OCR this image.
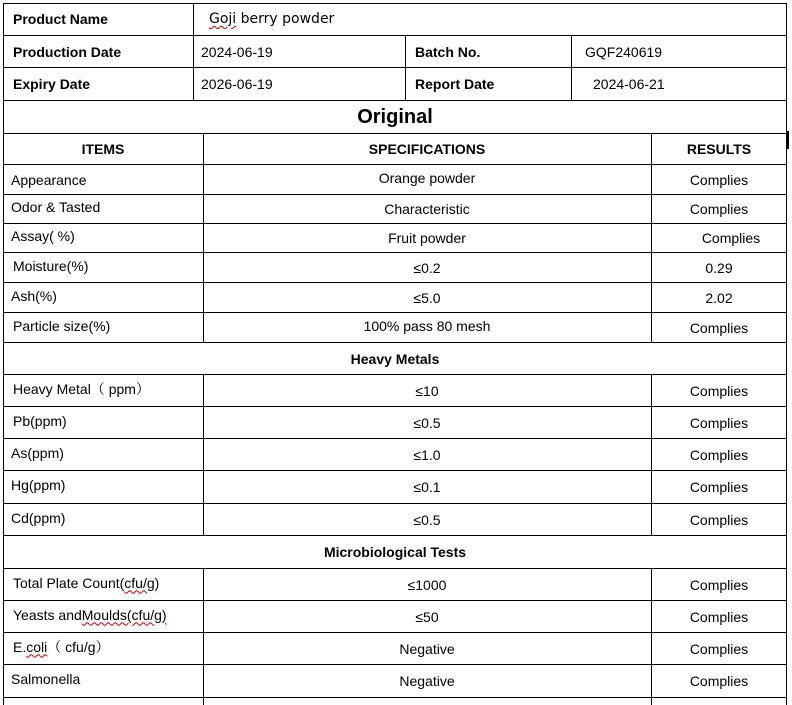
Product Name	Goji berry powder
Production Date	2024-06-19	Batch No.	GQF240619
Expiry Date	2026-06-19	Report Date	2024-06-21
Original
ITEMS	SPECIFICATIONS	RESULTS
Appearance	Orange powder	Complies
Odor & Tasted	Characteristic	Complies
Assay( %)	Fruit powder	Complies
Moisture(%)	≤0.2	0.29
Ash(%)	≤5.0	2.02
Particle size(%)	100% pass 80 mesh	Complies
Heavy Metals
Heavy Metal（ ppm）	≤10	Complies
Pb(ppm)	≤0.5	Complies
As(ppm)	≤1.0	Complies
Hg(ppm)	≤0.1	Complies
Cd(ppm)	≤0.5	Complies
Microbiological Tests
Total Plate Count( cfu/g )	≤1000	Complies
Yeasts and Moulds(cfu/g)	≤50	Complies
E. coli （ cfu/g）	Negative	Complies
Salmonella	Negative	Complies
